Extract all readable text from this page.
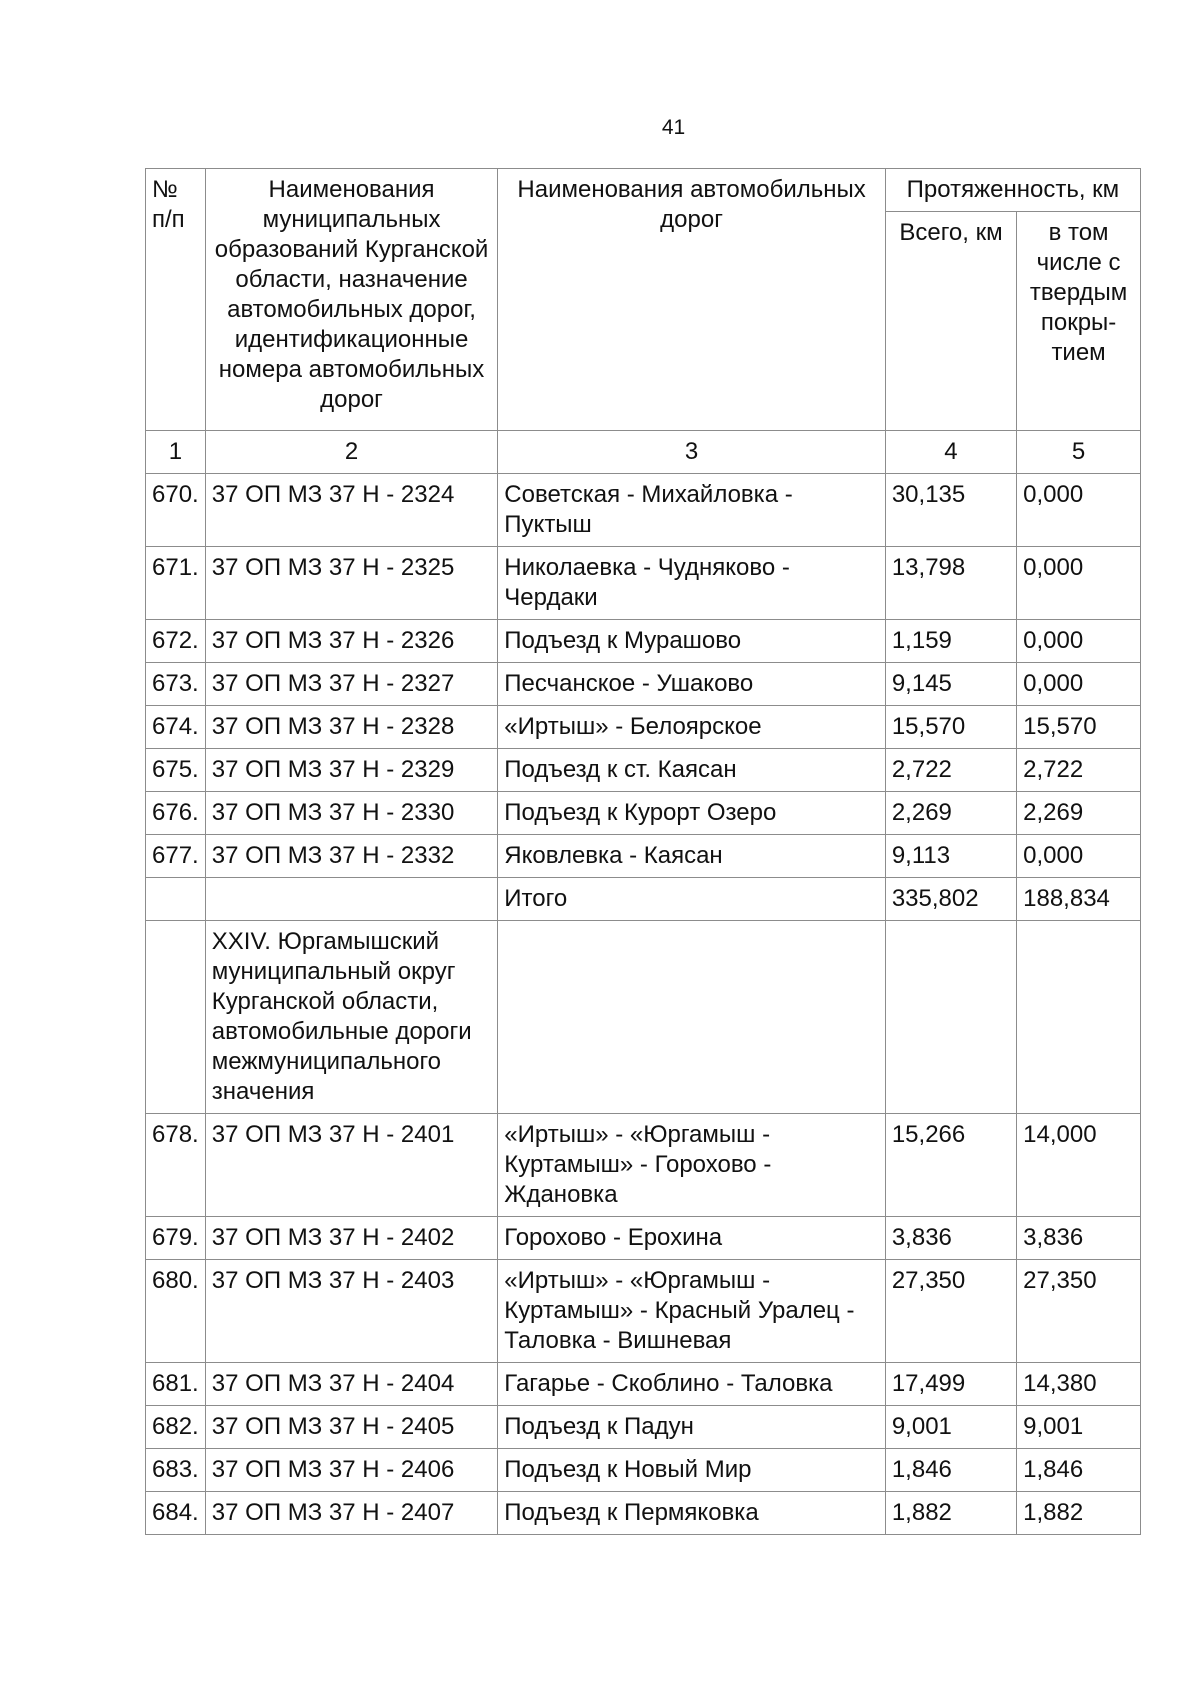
41
№ п/п	Наименования муниципальных образований Курганской области, назначение автомобильных дорог, идентификационные номера автомобильных дорог	Наименования автомобильных дорог	Протяженность, км	
			Всего, км	в том числе с твердым покры-тием
1	2	3	4	5
670.	37 ОП МЗ 37 Н - 2324	Советская - Михайловка - Пуктыш	30,135	0,000
671.	37 ОП МЗ 37 Н - 2325	Николаевка - Чудняково - Чердаки	13,798	0,000
672.	37 ОП МЗ 37 Н - 2326	Подъезд к Мурашово	1,159	0,000
673.	37 ОП МЗ 37 Н - 2327	Песчанское - Ушаково	9,145	0,000
674.	37 ОП МЗ 37 Н - 2328	«Иртыш» - Белоярское	15,570	15,570
675.	37 ОП МЗ 37 Н - 2329	Подъезд к ст. Каясан	2,722	2,722
676.	37 ОП МЗ 37 Н - 2330	Подъезд к Курорт Озеро	2,269	2,269
677.	37 ОП МЗ 37 Н - 2332	Яковлевка - Каясан	9,113	0,000
		Итого	335,802	188,834
	XXIV. Юргамышский муниципальный округ Курганской области, автомобильные дороги межмуниципального значения			
678.	37 ОП МЗ 37 Н - 2401	«Иртыш» - «Юргамыш - Куртамыш» - Горохово - Ждановка	15,266	14,000
679.	37 ОП МЗ 37 Н - 2402	Горохово - Ерохина	3,836	3,836
680.	37 ОП МЗ 37 Н - 2403	«Иртыш» - «Юргамыш - Куртамыш» - Красный Уралец - Таловка - Вишневая	27,350	27,350
681.	37 ОП МЗ 37 Н - 2404	Гагарье - Скоблино - Таловка	17,499	14,380
682.	37 ОП МЗ 37 Н - 2405	Подъезд к Падун	9,001	9,001
683.	37 ОП МЗ 37 Н - 2406	Подъезд к Новый Мир	1,846	1,846
684.	37 ОП МЗ 37 Н - 2407	Подъезд к Пермяковка	1,882	1,882
